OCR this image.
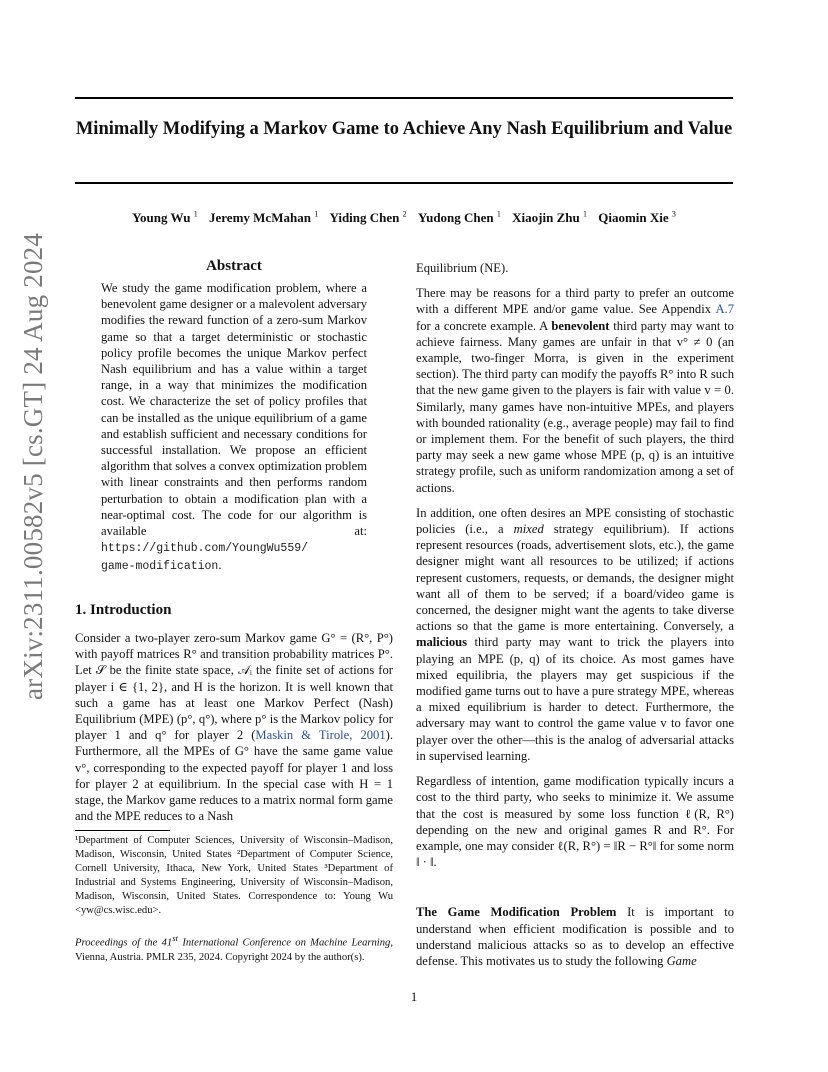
arXiv:2311.00582v5 [cs.GT] 24 Aug 2024
Minimally Modifying a Markov Game to Achieve Any Nash Equilibrium and Value
Young Wu $^1$ Jeremy McMahan $^1$ Yiding Chen $^2$ Yudong Chen $^1$ Xiaojin Zhu $^1$ Qiaomin Xie $^3$
Abstract

We study the game modification problem, where a benevolent game designer or a malevolent adversary modifies the reward function of a zero-sum Markov game so that a target deterministic or stochastic policy profile becomes the unique Markov perfect Nash equilibrium and has a value within a target range, in a way that minimizes the modification cost. We characterize the set of policy profiles that can be installed as the unique equilibrium of a game and establish sufficient and necessary conditions for successful installation. We propose an efficient algorithm that solves a convex optimization problem with linear constraints and then performs random perturbation to obtain a modification plan with a near-optimal cost. The code for our algorithm is available at: https://github.com/YoungWu559/
game-modification.

1. Introduction

Consider a two-player zero-sum Markov game G° = (R°, P°) with payoff matrices R° and transition probability matrices P°. Let 𝒮 be the finite state space, 𝒜ᵢ the finite set of actions for player i ∈ {1, 2}, and H is the horizon. It is well known that such a game has at least one Markov Perfect (Nash) Equilibrium (MPE) (p°, q°), where p° is the Markov policy for player 1 and q° for player 2 (Maskin & Tirole, 2001). Furthermore, all the MPEs of G° have the same game value v°, corresponding to the expected payoff for player 1 and loss for player 2 at equilibrium. In the special case with H = 1 stage, the Markov game reduces to a matrix normal form game and the MPE reduces to a Nash

¹Department of Computer Sciences, University of Wisconsin–Madison, Madison, Wisconsin, United States ²Department of Computer Science, Cornell University, Ithaca, New York, United States ³Department of Industrial and Systems Engineering, University of Wisconsin–Madison, Madison, Wisconsin, United States. Correspondence to: Young Wu <yw@cs.wisc.edu>.
Proceedings of the 41st International Conference on Machine Learning, Vienna, Austria. PMLR 235, 2024. Copyright 2024 by the author(s).

Equilibrium (NE).

There may be reasons for a third party to prefer an outcome with a different MPE and/or game value. See Appendix A.7 for a concrete example. A benevolent third party may want to achieve fairness. Many games are unfair in that v° ≠ 0 (an example, two-finger Morra, is given in the experiment section). The third party can modify the payoffs R° into R such that the new game given to the players is fair with value v = 0. Similarly, many games have non-intuitive MPEs, and players with bounded rationality (e.g., average people) may fail to find or implement them. For the benefit of such players, the third party may seek a new game whose MPE (p, q) is an intuitive strategy profile, such as uniform randomization among a set of actions.

In addition, one often desires an MPE consisting of stochastic policies (i.e., a mixed strategy equilibrium). If actions represent resources (roads, advertisement slots, etc.), the game designer might want all resources to be utilized; if actions represent customers, requests, or demands, the designer might want all of them to be served; if a board/video game is concerned, the designer might want the agents to take diverse actions so that the game is more entertaining. Conversely, a malicious third party may want to trick the players into playing an MPE (p, q) of its choice. As most games have mixed equilibria, the players may get suspicious if the modified game turns out to have a pure strategy MPE, whereas a mixed equilibrium is harder to detect. Furthermore, the adversary may want to control the game value v to favor one player over the other—this is the analog of adversarial attacks in supervised learning.

Regardless of intention, game modification typically incurs a cost to the third party, who seeks to minimize it. We assume that the cost is measured by some loss function ℓ(R, R°) depending on the new and original games R and R°. For example, one may consider ℓ(R, R°) = ‖R − R°‖ for some norm ‖ · ‖.

The Game Modification Problem It is important to understand when efficient modification is possible and to understand malicious attacks so as to develop an effective defense. This motivates us to study the following Game

1
